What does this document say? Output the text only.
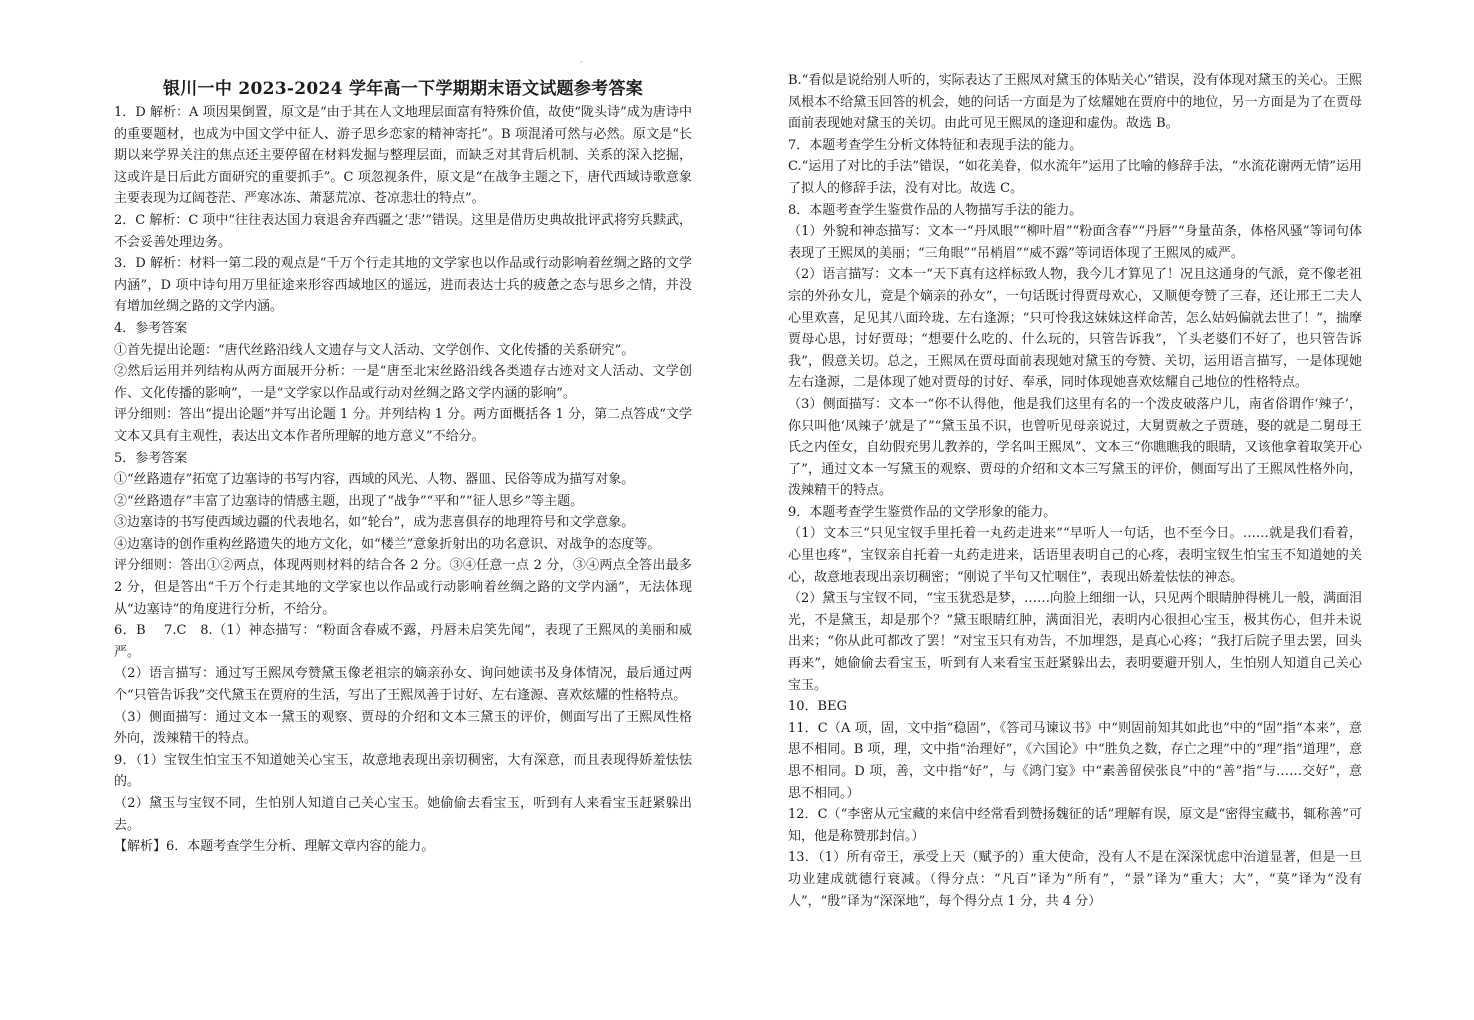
·
银川一中 2023-2024 学年高一下学期期末语文试题参考答案

1．D 解析：A 项因果倒置，原文是“由于其在人文地理层面富有特殊价值，故使“陇头诗”成为唐诗中的重要题材，也成为中国文学中征人、游子思乡恋家的精神寄托”。B 项混淆可然与必然。原文是“长期以来学界关注的焦点还主要停留在材料发掘与整理层面，而缺乏对其背后机制、关系的深入挖掘，这或许是日后此方面研究的重要抓手”。C 项忽视条件，原文是“在战争主题之下，唐代西域诗歌意象主要表现为辽阔苍茫、严寒冰冻、萧瑟荒凉、苍凉悲壮的特点”。

2．C 解析：C 项中“往往表达国力衰退舍弃西疆之‘悲’”错误。这里是借历史典故批评武将穷兵黩武，不会妥善处理边务。

3．D 解析：材料一第二段的观点是“千万个行走其地的文学家也以作品或行动影响着丝绸之路的文学内涵”，D 项中诗句用万里征途来形容西域地区的遥远，进而表达士兵的疲惫之态与思乡之情，并没有增加丝绸之路的文学内涵。

4．参考答案

①首先提出论题：“唐代丝路沿线人文遗存与文人活动、文学创作、文化传播的关系研究”。

②然后运用并列结构从两方面展开分析：一是“唐至北宋丝路沿线各类遗存古迹对文人活动、文学创作、文化传播的影响”，一是“文学家以作品或行动对丝绸之路文学内涵的影响”。

评分细则：答出“提出论题”并写出论题 1 分。并列结构 1 分。两方面概括各 1 分，第二点答成“文学文本又具有主观性，表达出文本作者所理解的地方意义”不给分。

5．参考答案

①“丝路遗存”拓宽了边塞诗的书写内容，西域的风光、人物、器皿、民俗等成为描写对象。

②“丝路遗存”丰富了边塞诗的情感主题，出现了“战争”“平和”“征人思乡”等主题。

③边塞诗的书写使西域边疆的代表地名，如“轮台”，成为悲喜俱存的地理符号和文学意象。

④边塞诗的创作重构丝路遗失的地方文化，如“楼兰”意象折射出的功名意识、对战争的态度等。

评分细则：答出①②两点，体现两则材料的结合各 2 分。③④任意一点 2 分，③④两点全答出最多 2 分，但是答出“千万个行走其地的文学家也以作品或行动影响着丝绸之路的文学内涵”，无法体现从“边塞诗”的角度进行分析，不给分。

6．B　 7.C　8.（1）神态描写：“粉面含春威不露，丹唇未启笑先闻”，表现了王熙凤的美丽和威严。

（2）语言描写：通过写王熙凤夸赞黛玉像老祖宗的嫡亲孙女、询问她读书及身体情况，最后通过两个“只管告诉我”交代黛玉在贾府的生活，写出了王熙凤善于讨好、左右逢源、喜欢炫耀的性格特点。

（3）侧面描写：通过文本一黛玉的观察、贾母的介绍和文本三黛玉的评价，侧面写出了王熙凤性格外向，泼辣精干的特点。

9．（1）宝钗生怕宝玉不知道她关心宝玉，故意地表现出亲切稠密，大有深意，而且表现得娇羞怯怯的。

（2）黛玉与宝钗不同，生怕别人知道自己关心宝玉。她偷偷去看宝玉，听到有人来看宝玉赶紧躲出去。

【解析】6．本题考查学生分析、理解文章内容的能力。

B.“看似是说给别人听的，实际表达了王熙凤对黛玉的体贴关心”错误，没有体现对黛玉的关心。王熙凤根本不给黛玉回答的机会，她的问话一方面是为了炫耀她在贾府中的地位，另一方面是为了在贾母面前表现她对黛玉的关切。由此可见王熙凤的逢迎和虚伪。故选 B。

7．本题考查学生分析文体特征和表现手法的能力。

C.“运用了对比的手法”错误，“如花美眷，似水流年”运用了比喻的修辞手法，“水流花谢两无情”运用了拟人的修辞手法，没有对比。故选 C。

8．本题考查学生鉴赏作品的人物描写手法的能力。

（1）外貌和神态描写：文本一“丹凤眼”“柳叶眉”“粉面含春”“丹唇”“身量苗条，体格风骚”等词句体表现了王熙凤的美丽；“三角眼”“吊梢眉”“威不露”等词语体现了王熙凤的威严。

（2）语言描写：文本一“天下真有这样标致人物，我今儿才算见了！况且这通身的气派，竟不像老祖宗的外孙女儿，竟是个嫡亲的孙女”，一句话既讨得贾母欢心，又顺便夸赞了三春，还让邢王二夫人心里欢喜，足见其八面玲珑、左右逢源；“只可怜我这妹妹这样命苦，怎么姑妈偏就去世了！”，揣摩贾母心思，讨好贾母；“想要什么吃的、什么玩的，只管告诉我”，丫头老婆们不好了，也只管告诉我”，假意关切。总之，王熙凤在贾母面前表现她对黛玉的夸赞、关切，运用语言描写，一是体现她左右逢源，二是体现了她对贾母的讨好、奉承，同时体现她喜欢炫耀自己地位的性格特点。

（3）侧面描写：文本一“你不认得他，他是我们这里有名的一个泼皮破落户儿，南省俗谓作‘辣子’，你只叫他‘凤辣子’就是了”“黛玉虽不识，也曾听见母亲说过，大舅贾赦之子贾琏，娶的就是二舅母王氏之内侄女，自幼假充男儿教养的，学名叫王熙凤”、文本三“你瞧瞧我的眼睛，又该他拿着取笑开心了”，通过文本一写黛玉的观察、贾母的介绍和文本三写黛玉的评价，侧面写出了王熙凤性格外向，泼辣精干的特点。

9．本题考查学生鉴赏作品的文学形象的能力。

（1）文本三“只见宝钗手里托着一丸药走进来”“早听人一句话，也不至今日。……就是我们看着，心里也疼”，宝钗亲自托着一丸药走进来，话语里表明自己的心疼，表明宝钗生怕宝玉不知道她的关心，故意地表现出亲切稠密；“刚说了半句又忙咽住”，表现出娇羞怯怯的神态。

（2）黛玉与宝钗不同，“宝玉犹恐是梦，……向脸上细细一认，只见两个眼睛肿得桃儿一般，满面泪光，不是黛玉，却是那个？”黛玉眼睛红肿，满面泪光，表明内心很担心宝玉，极其伤心，但并未说出来；“你从此可都改了罢！”对宝玉只有劝告，不加埋怨，是真心心疼；“我打后院子里去罢，回头再来”，她偷偷去看宝玉，听到有人来看宝玉赶紧躲出去，表明要避开别人，生怕别人知道自己关心宝玉。

10．BEG

11．C（A 项，固，文中指“稳固”，《答司马谏议书》中“则固前知其如此也”中的“固”指“本来”，意思不相同。B 项，理，文中指“治理好”，《六国论》中“胜负之数，存亡之理”中的“理”指“道理”，意思不相同。D 项，善，文中指“好”，与《鸿门宴》中“素善留侯张良”中的“善”指“与……交好”，意思不相同。）

12．C（“李密从元宝藏的来信中经常看到赞扬魏征的话”理解有误，原文是“密得宝藏书，辄称善”可知，他是称赞那封信。）

13．（1）所有帝王，承受上天（赋予的）重大使命，没有人不是在深深忧虑中治道显著，但是一旦功业建成就德行衰减。（得分点：“凡百”译为“所有”，“景”译为“重大；大”，“莫”译为“没有人”，“殷”译为“深深地”，每个得分点 1 分，共 4 分）
